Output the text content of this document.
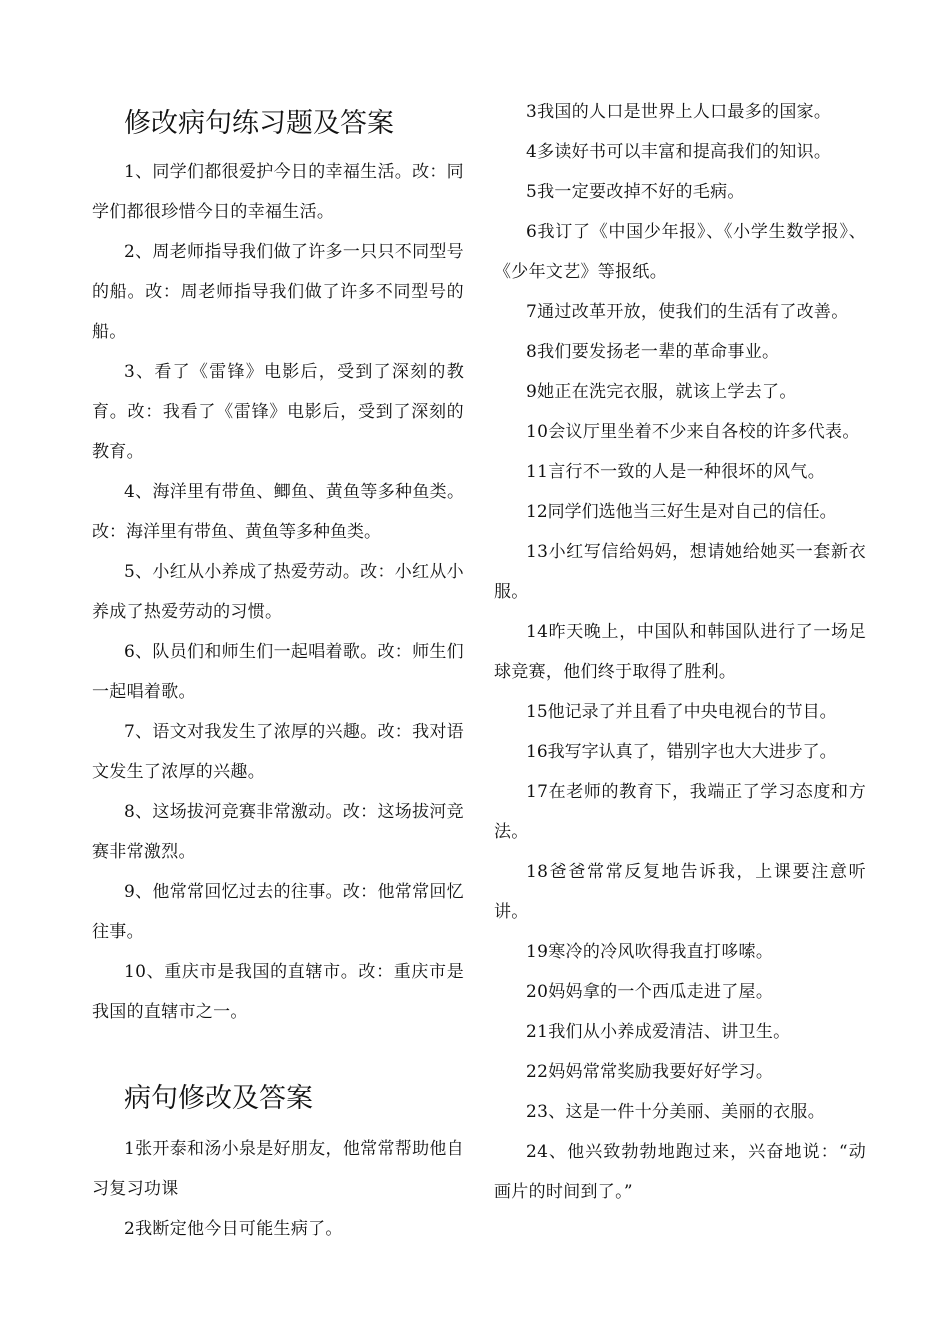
修改病句练习题及答案

1、同学们都很爱护今日的幸福生活。改：同学们都很珍惜今日的幸福生活。

2、周老师指导我们做了许多一只只不同型号的船。改：周老师指导我们做了许多不同型号的船。

3、看了《雷锋》电影后，受到了深刻的教育。改：我看了《雷锋》电影后，受到了深刻的教育。

4、海洋里有带鱼、鲫鱼、黄鱼等多种鱼类。改：海洋里有带鱼、黄鱼等多种鱼类。

5、小红从小养成了热爱劳动。改：小红从小养成了热爱劳动的习惯。

6、队员们和师生们一起唱着歌。改：师生们一起唱着歌。

7、语文对我发生了浓厚的兴趣。改：我对语文发生了浓厚的兴趣。

8、这场拔河竞赛非常激动。改：这场拔河竞赛非常激烈。

9、他常常回忆过去的往事。改：他常常回忆往事。

10、重庆市是我国的直辖市。改：重庆市是我国的直辖市之一。

病句修改及答案

1张开泰和汤小泉是好朋友，他常常帮助他自习复习功课

2我断定他今日可能生病了。

3我国的人口是世界上人口最多的国家。

4多读好书可以丰富和提高我们的知识。

5我一定要改掉不好的毛病。

6我订了《中国少年报》、《小学生数学报》、《少年文艺》等报纸。

7通过改革开放，使我们的生活有了改善。

8我们要发扬老一辈的革命事业。

9她正在洗完衣服，就该上学去了。

10会议厅里坐着不少来自各校的许多代表。

11言行不一致的人是一种很坏的风气。

12同学们选他当三好生是对自己的信任。

13小红写信给妈妈，想请她给她买一套新衣服。

14昨天晚上，中国队和韩国队进行了一场足球竞赛，他们终于取得了胜利。

15他记录了并且看了中央电视台的节目。

16我写字认真了，错别字也大大进步了。

17在老师的教育下，我端正了学习态度和方法。

18爸爸常常反复地告诉我，上课要注意听讲。

19寒冷的冷风吹得我直打哆嗦。

20妈妈拿的一个西瓜走进了屋。

21我们从小养成爱清洁、讲卫生。

22妈妈常常奖励我要好好学习。

23、这是一件十分美丽、美丽的衣服。

24、他兴致勃勃地跑过来，兴奋地说：“动画片的时间到了。”
